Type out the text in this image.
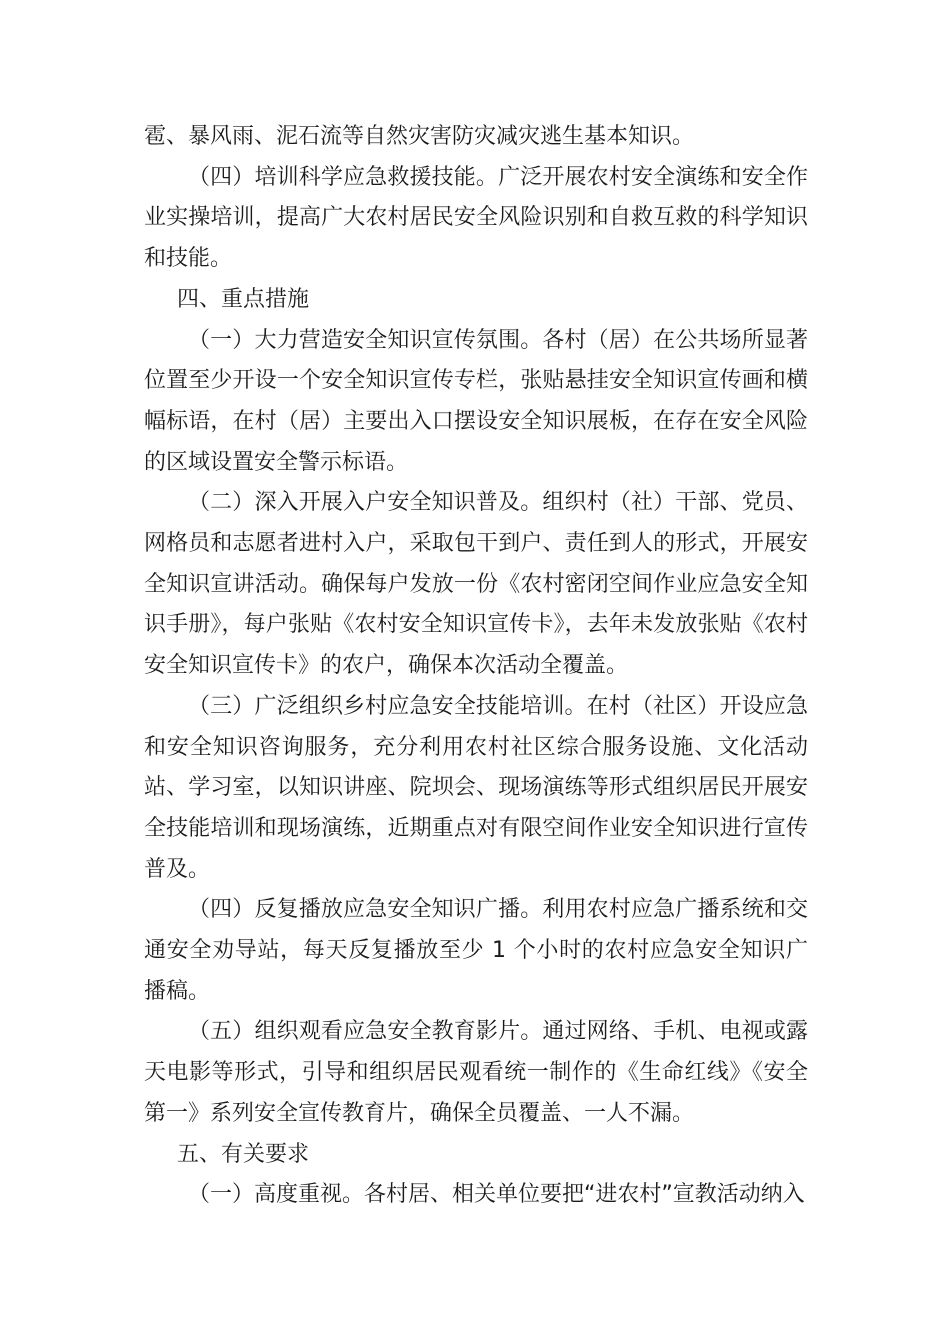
雹、暴风雨、泥石流等自然灾害防灾减灾逃生基本知识。

（四）培训科学应急救援技能。广泛开展农村安全演练和安全作业实操培训，提高广大农村居民安全风险识别和自救互救的科学知识和技能。

四、重点措施

（一）大力营造安全知识宣传氛围。各村（居）在公共场所显著位置至少开设一个安全知识宣传专栏，张贴悬挂安全知识宣传画和横幅标语，在村（居）主要出入口摆设安全知识展板，在存在安全风险的区域设置安全警示标语。

（二）深入开展入户安全知识普及。组织村（社）干部、党员、网格员和志愿者进村入户，采取包干到户、责任到人的形式，开展安全知识宣讲活动。确保每户发放一份《农村密闭空间作业应急安全知识手册》，每户张贴《农村安全知识宣传卡》，去年未发放张贴《农村安全知识宣传卡》的农户，确保本次活动全覆盖。

（三）广泛组织乡村应急安全技能培训。在村（社区）开设应急和安全知识咨询服务，充分利用农村社区综合服务设施、文化活动站、学习室，以知识讲座、院坝会、现场演练等形式组织居民开展安全技能培训和现场演练，近期重点对有限空间作业安全知识进行宣传普及。

（四）反复播放应急安全知识广播。利用农村应急广播系统和交通安全劝导站，每天反复播放至少 1 个小时的农村应急安全知识广播稿。

（五）组织观看应急安全教育影片。通过网络、手机、电视或露天电影等形式，引导和组织居民观看统一制作的《生命红线》《安全第一》系列安全宣传教育片，确保全员覆盖、一人不漏。

五、有关要求

（一）高度重视。各村居、相关单位要把“进农村”宣教活动纳入
